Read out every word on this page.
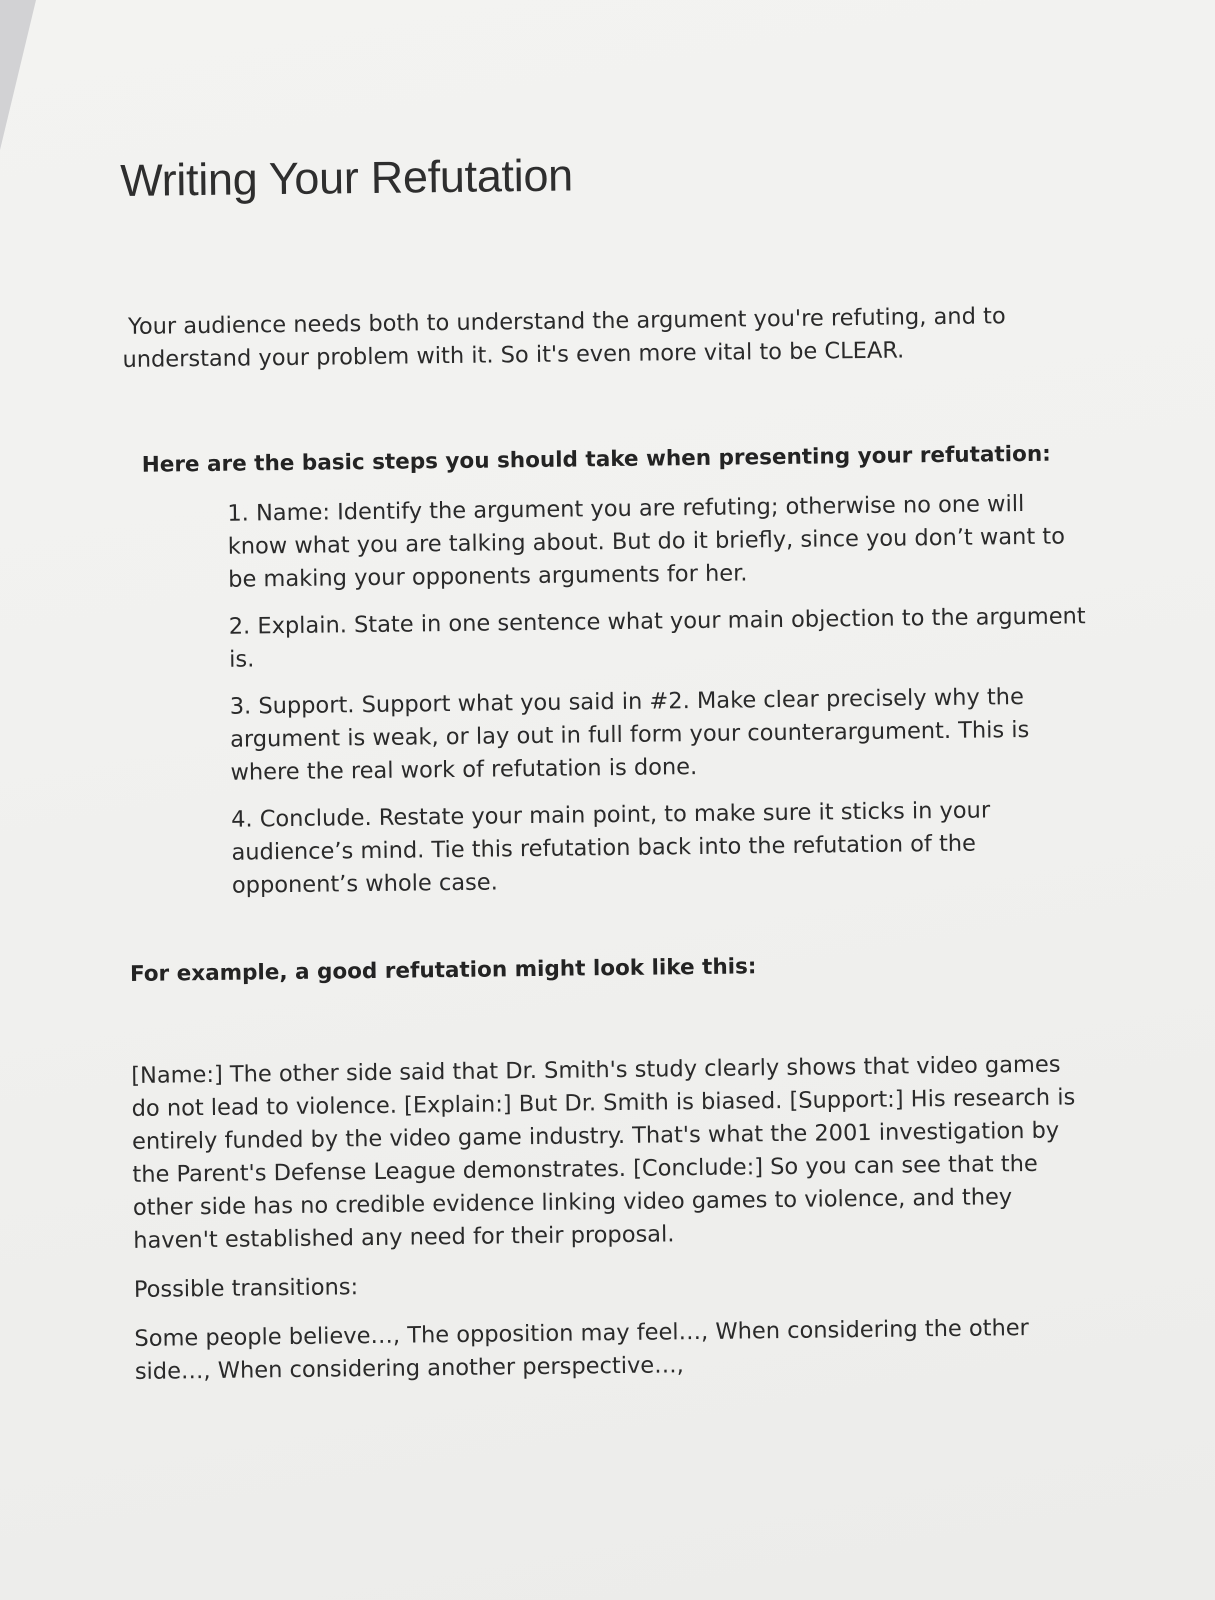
Writing Your Refutation

Your audience needs both to understand the argument you're refuting, and to understand your problem with it. So it's even more vital to be CLEAR.

Here are the basic steps you should take when presenting your refutation:

1. Name: Identify the argument you are refuting; otherwise no one will know what you are talking about. But do it briefly, since you don’t want to be making your opponents arguments for her.
2. Explain. State in one sentence what your main objection to the argument is.
3. Support. Support what you said in #2. Make clear precisely why the argument is weak, or lay out in full form your counterargument. This is where the real work of refutation is done.
4. Conclude. Restate your main point, to make sure it sticks in your audience’s mind. Tie this refutation back into the refutation of the opponent’s whole case.

For example, a good refutation might look like this:

[Name:] The other side said that Dr. Smith's study clearly shows that video games do not lead to violence. [Explain:] But Dr. Smith is biased. [Support:] His research is entirely funded by the video game industry. That's what the 2001 investigation by the Parent's Defense League demonstrates. [Conclude:] So you can see that the other side has no credible evidence linking video games to violence, and they haven't established any need for their proposal.

Possible transitions:

Some people believe…, The opposition may feel…, When considering the other side…, When considering another perspective…,
